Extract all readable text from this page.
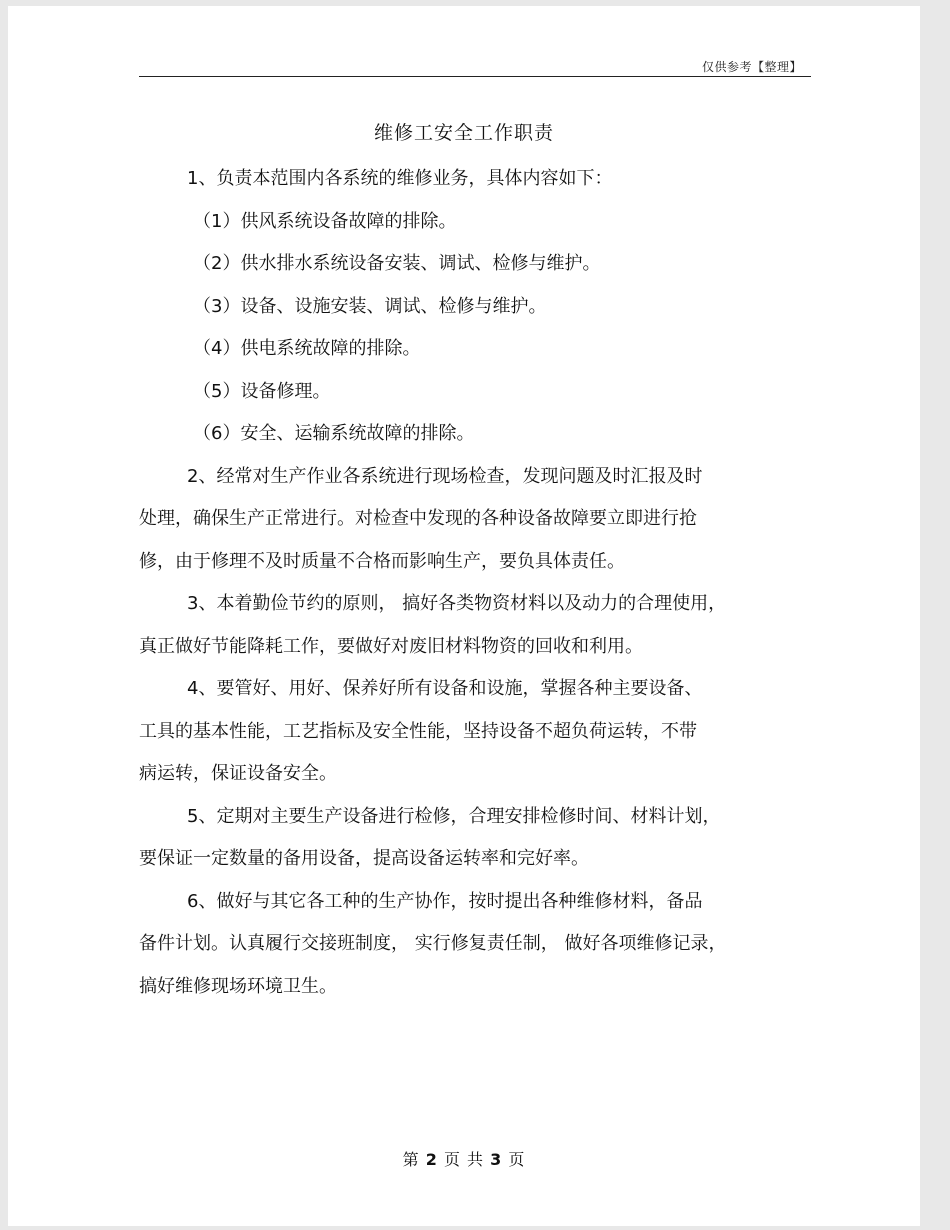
仅供参考【整理】
维修工安全工作职责
1、负责本范围内各系统的维修业务，具体内容如下：
（1）供风系统设备故障的排除。
（2）供水排水系统设备安装、调试、检修与维护。
（3）设备、设施安装、调试、检修与维护。
（4）供电系统故障的排除。
（5）设备修理。
（6）安全、运输系统故障的排除。
2、经常对生产作业各系统进行现场检查，发现问题及时汇报及时
处理，确保生产正常进行。对检查中发现的各种设备故障要立即进行抢
修，由于修理不及时质量不合格而影响生产，要负具体责任。
3、本着勤俭节约的原则， 搞好各类物资材料以及动力的合理使用，
真正做好节能降耗工作，要做好对废旧材料物资的回收和利用。
4、要管好、用好、保养好所有设备和设施，掌握各种主要设备、
工具的基本性能，工艺指标及安全性能，坚持设备不超负荷运转，不带
病运转，保证设备安全。
5、定期对主要生产设备进行检修，合理安排检修时间、材料计划，
要保证一定数量的备用设备，提高设备运转率和完好率。
6、做好与其它各工种的生产协作，按时提出各种维修材料，备品
备件计划。认真履行交接班制度， 实行修复责任制， 做好各项维修记录，
搞好维修现场环境卫生。
第 2 页 共 3 页
